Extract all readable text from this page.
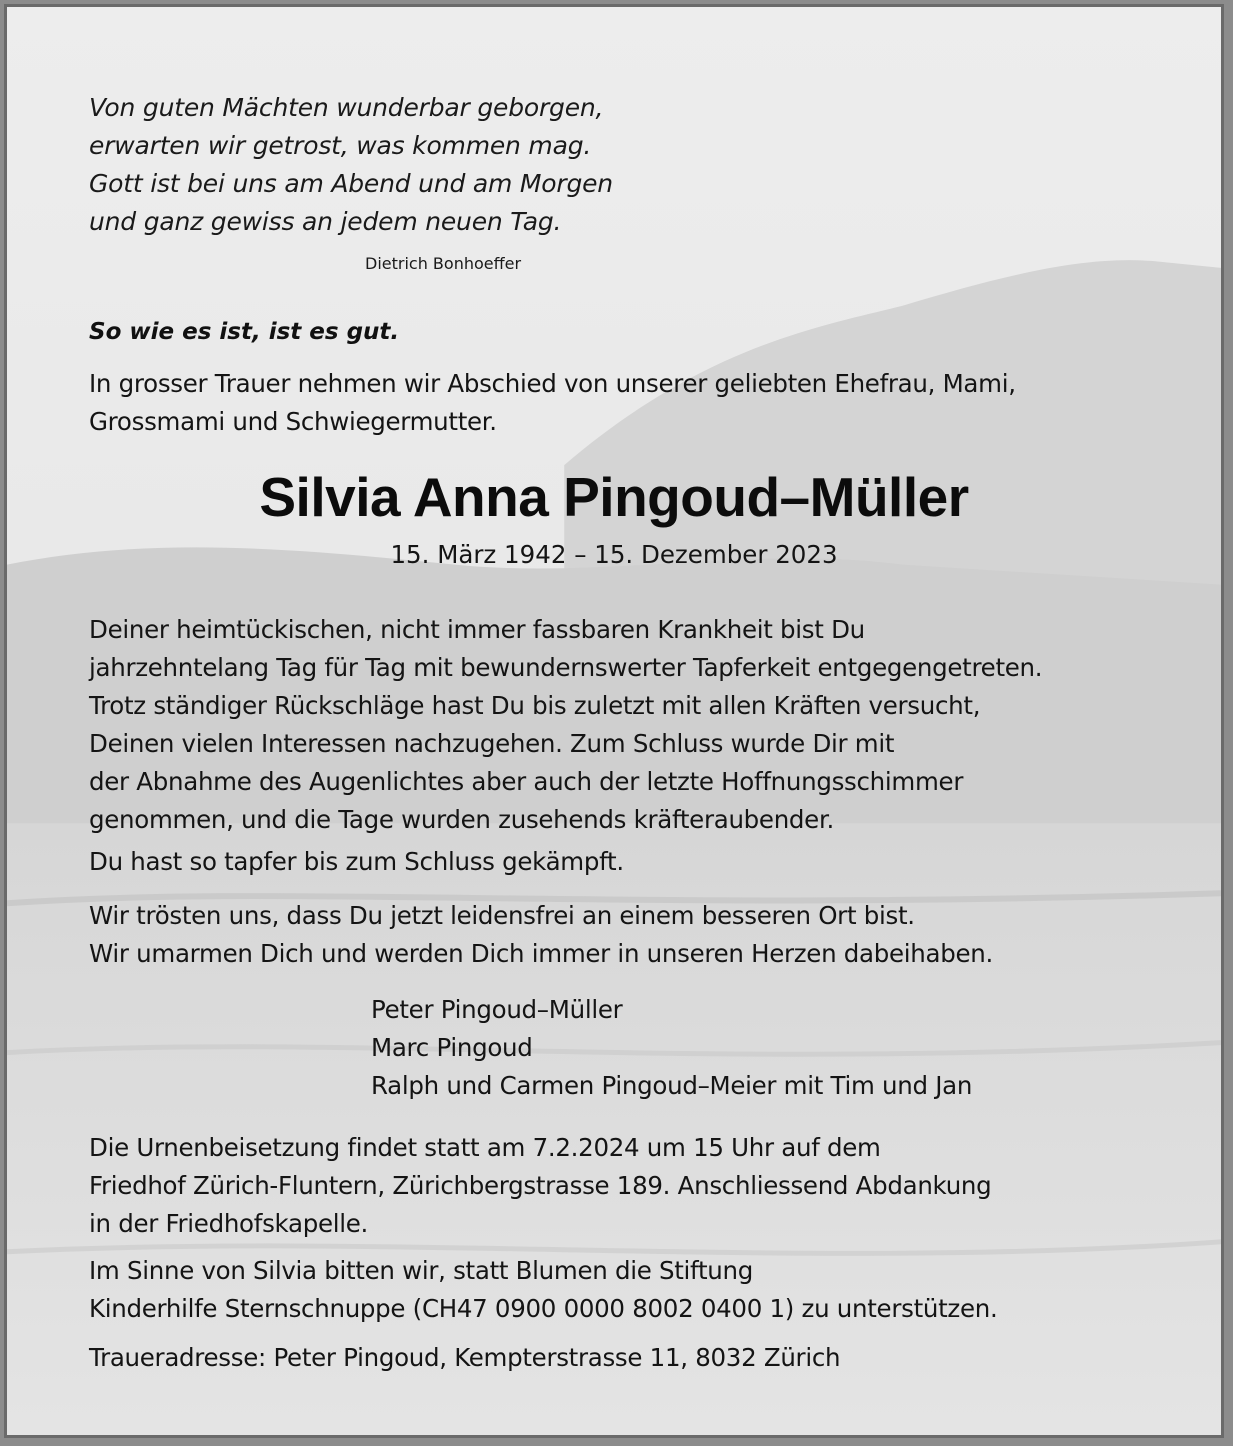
Von guten Mächten wunderbar geborgen,
erwarten wir getrost, was kommen mag.
Gott ist bei uns am Abend und am Morgen
und ganz gewiss an jedem neuen Tag.
Dietrich Bonhoeffer
So wie es ist, ist es gut.
In grosser Trauer nehmen wir Abschied von unserer geliebten Ehefrau, Mami,
Grossmami und Schwiegermutter.
Silvia Anna Pingoud–Müller
15. März 1942 – 15. Dezember 2023
Deiner heimtückischen, nicht immer fassbaren Krankheit bist Du
jahrzehntelang Tag für Tag mit bewundernswerter Tapferkeit entgegengetreten.
Trotz ständiger Rückschläge hast Du bis zuletzt mit allen Kräften versucht,
Deinen vielen Interessen nachzugehen. Zum Schluss wurde Dir mit
der Abnahme des Augenlichtes aber auch der letzte Hoffnungsschimmer
genommen, und die Tage wurden zusehends kräfteraubender.
Du hast so tapfer bis zum Schluss gekämpft.
Wir trösten uns, dass Du jetzt leidensfrei an einem besseren Ort bist.
Wir umarmen Dich und werden Dich immer in unseren Herzen dabeihaben.
Peter Pingoud–Müller
Marc Pingoud
Ralph und Carmen Pingoud–Meier mit Tim und Jan
Die Urnenbeisetzung findet statt am 7.2.2024 um 15 Uhr auf dem
Friedhof Zürich-Fluntern, Zürichbergstrasse 189. Anschliessend Abdankung
in der Friedhofskapelle.
Im Sinne von Silvia bitten wir, statt Blumen die Stiftung
Kinderhilfe Sternschnuppe (CH47 0900 0000 8002 0400 1) zu unterstützen.
Traueradresse: Peter Pingoud, Kempterstrasse 11, 8032 Zürich
